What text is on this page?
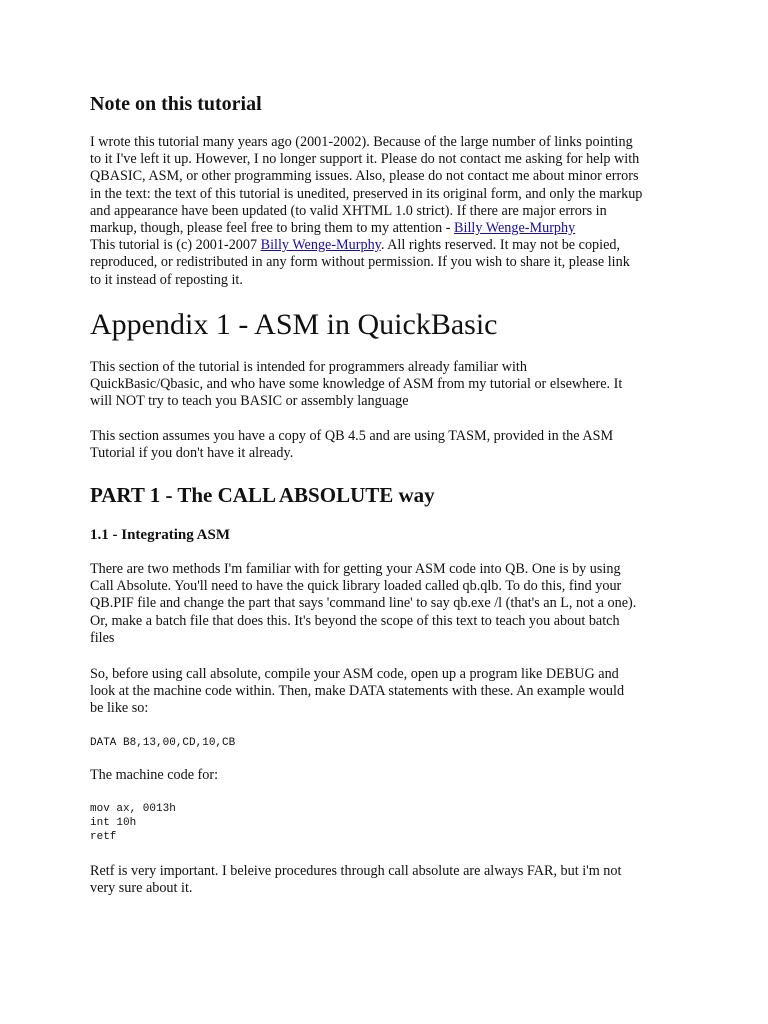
Note on this tutorial

I wrote this tutorial many years ago (2001-2002). Because of the large number of links pointing
to it I've left it up. However, I no longer support it. Please do not contact me asking for help with
QBASIC, ASM, or other programming issues. Also, please do not contact me about minor errors
in the text: the text of this tutorial is unedited, preserved in its original form, and only the markup
and appearance have been updated (to valid XHTML 1.0 strict). If there are major errors in
markup, though, please feel free to bring them to my attention - Billy Wenge-Murphy
This tutorial is (c) 2001-2007 Billy Wenge-Murphy. All rights reserved. It may not be copied,
reproduced, or redistributed in any form without permission. If you wish to share it, please link
to it instead of reposting it.

Appendix 1 - ASM in QuickBasic

This section of the tutorial is intended for programmers already familiar with
QuickBasic/Qbasic, and who have some knowledge of ASM from my tutorial or elsewhere. It
will NOT try to teach you BASIC or assembly language

This section assumes you have a copy of QB 4.5 and are using TASM, provided in the ASM
Tutorial if you don't have it already.

PART 1 - The CALL ABSOLUTE way
1.1 - Integrating ASM

There are two methods I'm familiar with for getting your ASM code into QB. One is by using
Call Absolute. You'll need to have the quick library loaded called qb.qlb. To do this, find your
QB.PIF file and change the part that says 'command line' to say qb.exe /l (that's an L, not a one).
Or, make a batch file that does this. It's beyond the scope of this text to teach you about batch
files

So, before using call absolute, compile your ASM code, open up a program like DEBUG and
look at the machine code within. Then, make DATA statements with these. An example would
be like so:

DATA B8,13,00,CD,10,CB

The machine code for:

mov ax, 0013h
int 10h
retf

Retf is very important. I beleive procedures through call absolute are always FAR, but i'm not
very sure about it.
